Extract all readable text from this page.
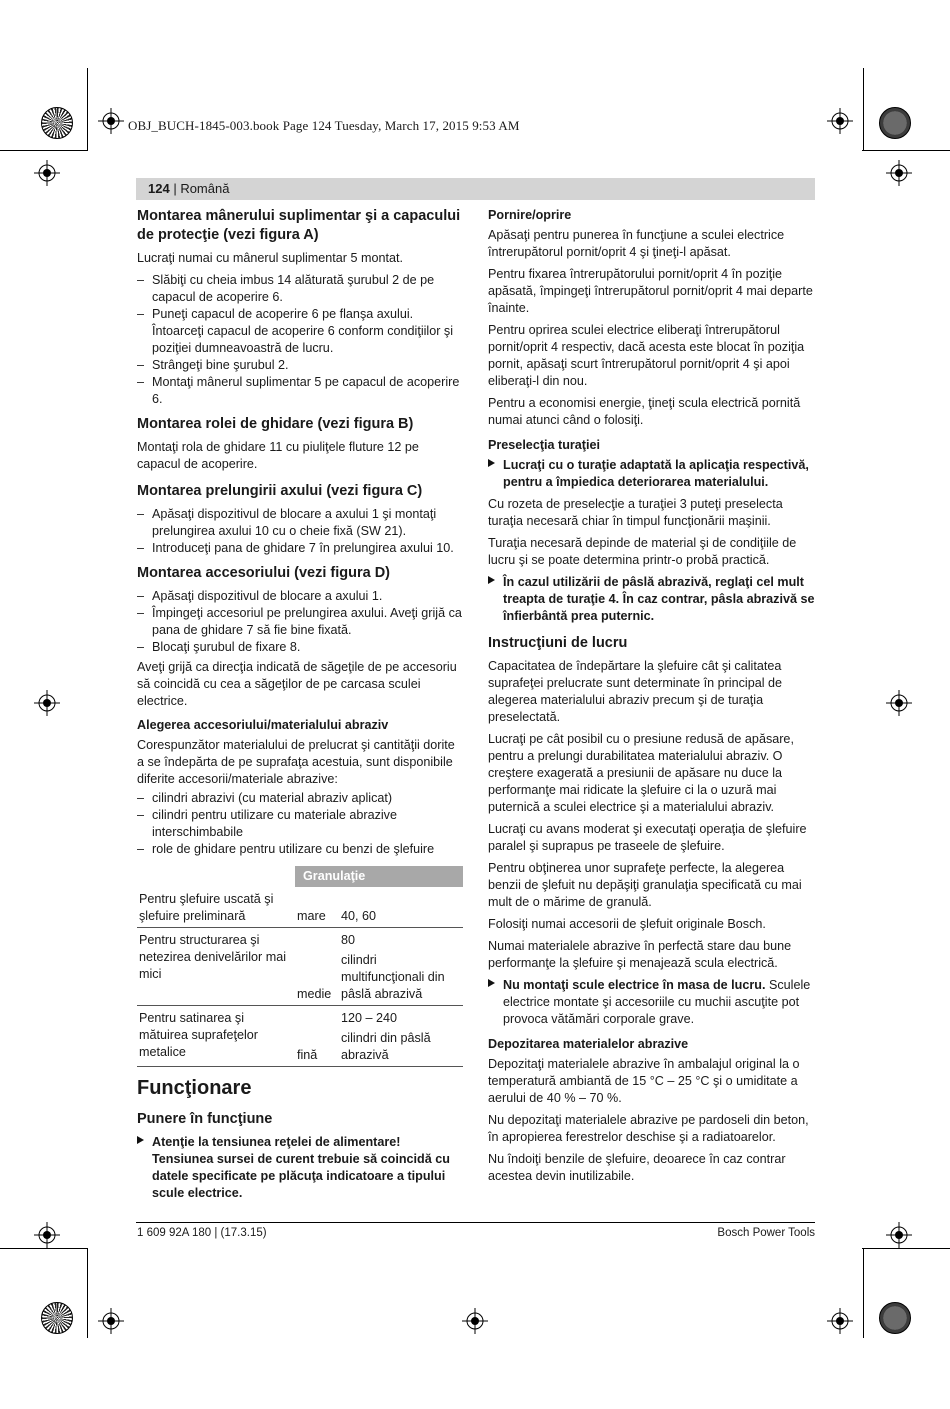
OBJ_BUCH-1845-003.book Page 124 Tuesday, March 17, 2015 9:53 AM
124 | Română
Montarea mânerului suplimentar şi a capacului de protecţie (vezi figura A)

Lucraţi numai cu mânerul suplimentar 5 montat.

– Slăbiţi cu cheia imbus 14 alăturată şurubul 2 de pe capacul de acoperire 6.
– Puneţi capacul de acoperire 6 pe flanşa axului. Întoarceţi capacul de acoperire 6 conform condiţiilor şi poziţiei dumneavoastră de lucru.
– Strângeţi bine şurubul 2.
– Montaţi mânerul suplimentar 5 pe capacul de acoperire 6.
Montarea rolei de ghidare (vezi figura B)

Montaţi rola de ghidare 11 cu piuliţele fluture 12 pe capacul de acoperire.

Montarea prelungirii axului (vezi figura C)
– Apăsaţi dispozitivul de blocare a axului 1 şi montaţi prelungirea axului 10 cu o cheie fixă (SW 21).
– Introduceţi pana de ghidare 7 în prelungirea axului 10.
Montarea accesoriului (vezi figura D)
– Apăsaţi dispozitivul de blocare a axului 1.
– Împingeţi accesoriul pe prelungirea axului. Aveţi grijă ca pana de ghidare 7 să fie bine fixată.
– Blocaţi şurubul de fixare 8.

Aveţi grijă ca direcţia indicată de săgeţile de pe accesoriu să coincidă cu cea a săgeţilor de pe carcasa sculei electrice.

Alegerea accesoriului/materialului abraziv

Corespunzător materialului de prelucrat şi cantităţii dorite a se îndepărta de pe suprafaţa acestuia, sunt disponibile diferite accesorii/materiale abrazive:

– cilindri abrazivi (cu material abraziv aplicat)
– cilindri pentru utilizare cu materiale abrazive interschimbabile
– role de ghidare pentru utilizare cu benzi de şlefuire
	Granulaţie	
Pentru şlefuire uscată şi şlefuire preliminară	mare	40, 60

Pentru structurarea şi netezirea denivelărilor mai mici	medie	80
cilindri multifuncţionali din pâslă abrazivă

Pentru satinarea şi mătuirea suprafeţelor metalice	fină	120 – 240
cilindri din pâslă abrazivă
Funcţionare
Punere în funcţiune
Atenţie la tensiunea reţelei de alimentare! Tensiunea sursei de curent trebuie să coincidă cu datele specificate pe plăcuţa indicatoare a tipului scule electrice.
Pornire/oprire

Apăsaţi pentru punerea în funcţiune a sculei electrice întrerupătorul pornit/oprit 4 şi ţineţi-l apăsat.

Pentru fixarea întrerupătorului pornit/oprit 4 în poziţie apăsată, împingeţi întrerupătorul pornit/oprit 4 mai departe înainte.

Pentru oprirea sculei electrice eliberaţi întrerupătorul pornit/oprit 4 respectiv, dacă acesta este blocat în poziţia pornit, apăsaţi scurt întrerupătorul pornit/oprit 4 şi apoi eliberaţi-l din nou.

Pentru a economisi energie, ţineţi scula electrică pornită numai atunci când o folosiţi.

Preselecţia turaţiei
Lucraţi cu o turaţie adaptată la aplicaţia respectivă, pentru a împiedica deteriorarea materialului.

Cu rozeta de preselecţie a turaţiei 3 puteţi preselecta turaţia necesară chiar în timpul funcţionării maşinii.

Turaţia necesară depinde de material şi de condiţiile de lucru şi se poate determina printr-o probă practică.

În cazul utilizării de pâslă abrazivă, reglaţi cel mult treapta de turaţie 4. În caz contrar, pâsla abrazivă se înfierbântă prea puternic.
Instrucţiuni de lucru

Capacitatea de îndepărtare la şlefuire cât şi calitatea suprafeţei prelucrate sunt determinate în principal de alegerea materialului abraziv precum şi de turaţia preselectată.

Lucraţi pe cât posibil cu o presiune redusă de apăsare, pentru a prelungi durabilitatea materialului abraziv. O creştere exagerată a presiunii de apăsare nu duce la performanţe mai ridicate la şlefuire ci la o uzură mai puternică a sculei electrice şi a materialului abraziv.

Lucraţi cu avans moderat şi executaţi operaţia de şlefuire paralel şi suprapus pe traseele de şlefuire.

Pentru obţinerea unor suprafeţe perfecte, la alegerea benzii de şlefuit nu depăşiţi granulaţia specificată cu mai mult de o mărime de granulă.

Folosiţi numai accesorii de şlefuit originale Bosch.

Numai materialele abrazive în perfectă stare dau bune performanţe la şlefuire şi menajează scula electrică.

Nu montaţi scule electrice în masa de lucru. Sculele electrice montate şi accesoriile cu muchii ascuţite pot provoca vătămări corporale grave.
Depozitarea materialelor abrazive

Depozitaţi materialele abrazive în ambalajul original la o temperatură ambiantă de 15 °C – 25 °C şi o umiditate a aerului de 40 % – 70 %.

Nu depozitaţi materialele abrazive pe pardoseli din beton, în apropierea ferestrelor deschise şi a radiatoarelor.

Nu îndoiţi benzile de şlefuire, deoarece în caz contrar acestea devin inutilizabile.

1 609 92A 180 | (17.3.15)	Bosch Power Tools
